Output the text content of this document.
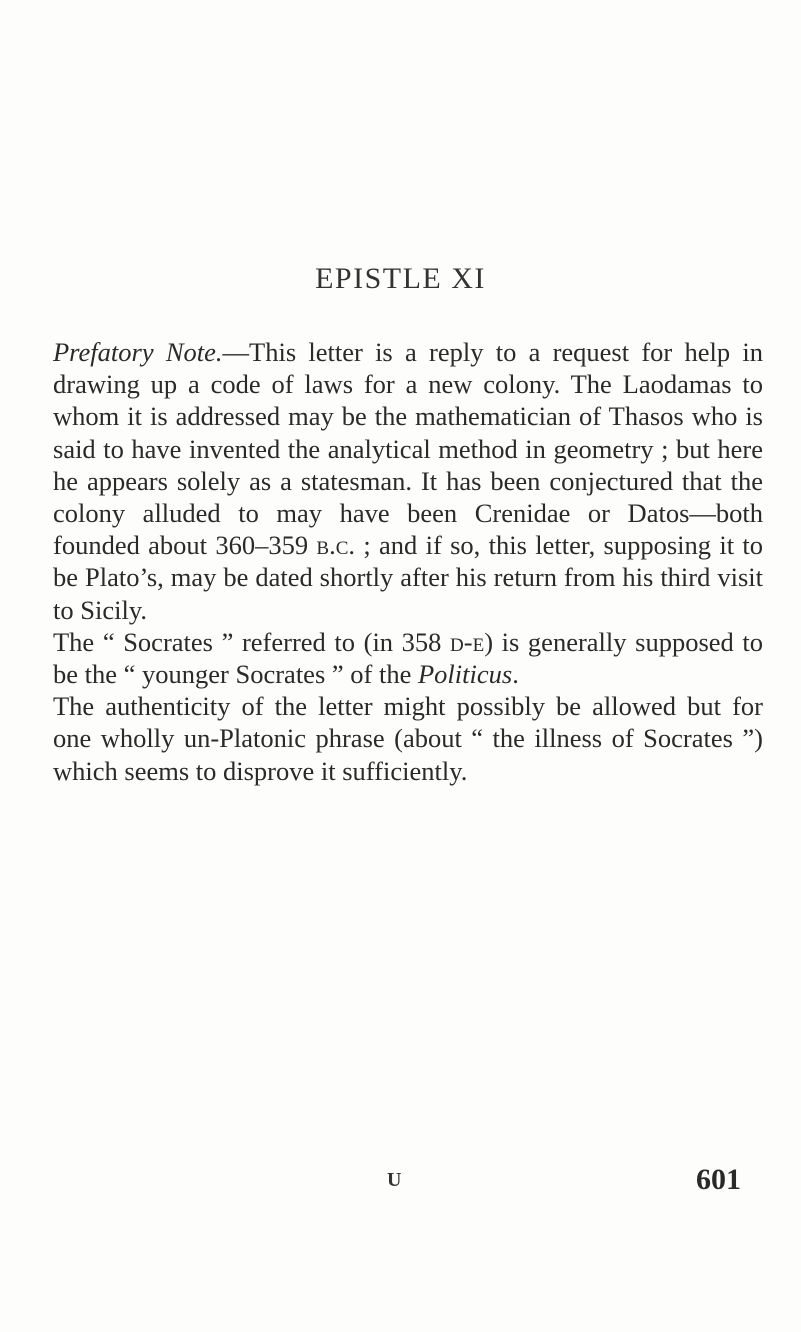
EPISTLE XI

Prefatory Note.—This letter is a reply to a request for help in drawing up a code of laws for a new colony. The Laodamas to whom it is addressed may be the mathematician of Thasos who is said to have invented the analytical method in geometry ; but here he appears solely as a statesman. It has been conjectured that the colony alluded to may have been Crenidae or Datos—both founded about 360–359 b.c. ; and if so, this letter, supposing it to be Plato’s, may be dated shortly after his return from his third visit to Sicily.

The “ Socrates ” referred to (in 358 d-e) is generally supposed to be the “ younger Socrates ” of the Politicus.

The authenticity of the letter might possibly be allowed but for one wholly un-Platonic phrase (about “ the illness of Socrates ”) which seems to disprove it sufficiently.

U	601
